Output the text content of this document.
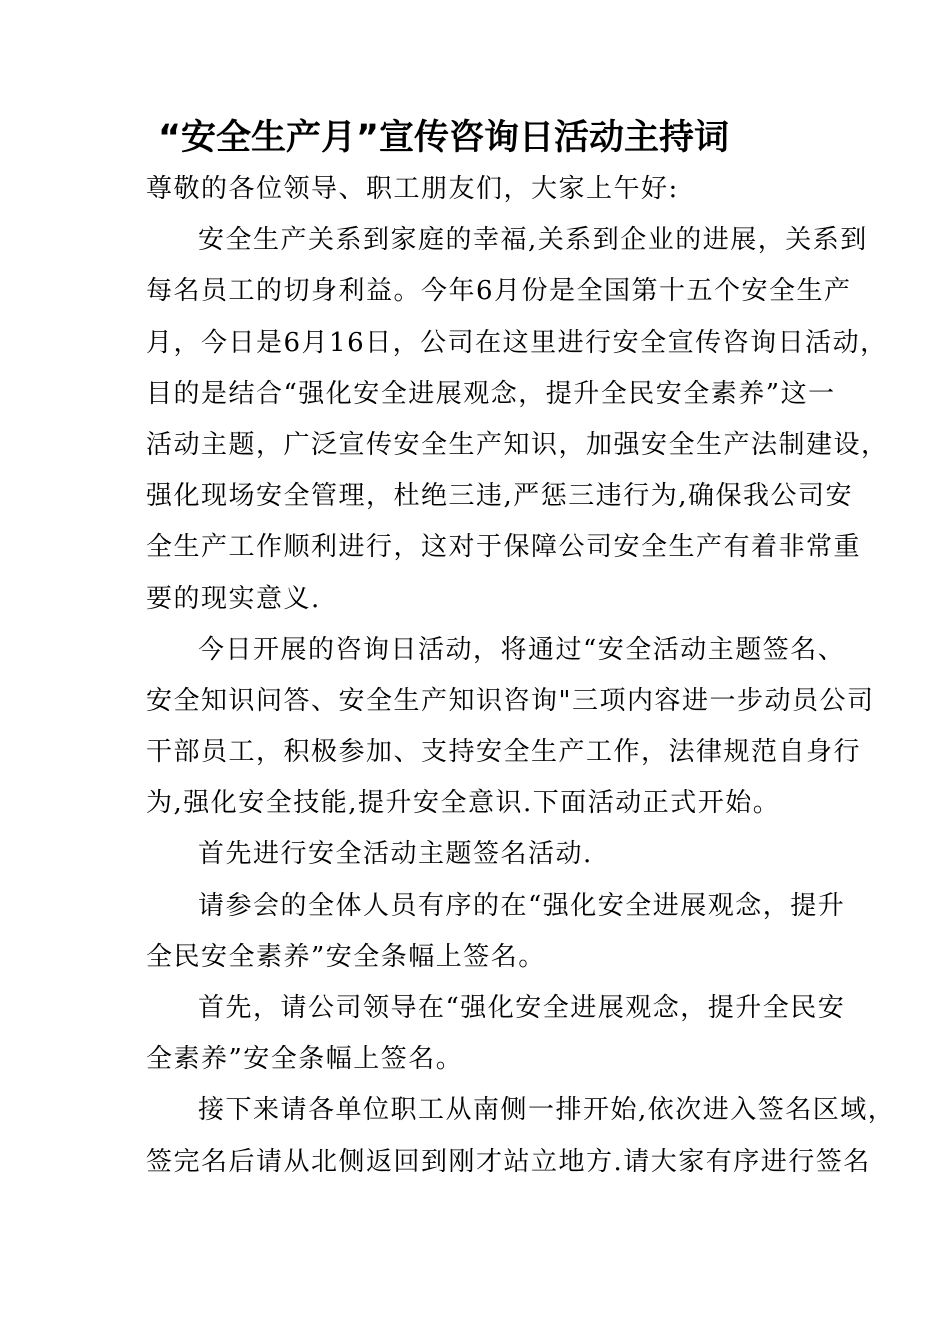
“安全生产月”宣传咨询日活动主持词
尊敬的各位领导、职工朋友们，大家上午好:
安全生产关系到家庭的幸福,关系到企业的进展，关系到
每名员工的切身利益。今年6月份是全国第十五个安全生产
月，今日是6月16日，公司在这里进行安全宣传咨询日活动，
目的是结合“强化安全进展观念，提升全民安全素养”这一
活动主题，广泛宣传安全生产知识，加强安全生产法制建设，
强化现场安全管理，杜绝三违,严惩三违行为,确保我公司安
全生产工作顺利进行，这对于保障公司安全生产有着非常重
要的现实意义.
今日开展的咨询日活动，将通过“安全活动主题签名、
安全知识问答、安全生产知识咨询"三项内容进一步动员公司
干部员工，积极参加、支持安全生产工作，法律规范自身行
为,强化安全技能,提升安全意识.下面活动正式开始。
首先进行安全活动主题签名活动.
请参会的全体人员有序的在“强化安全进展观念，提升
全民安全素养”安全条幅上签名。
首先，请公司领导在“强化安全进展观念，提升全民安
全素养”安全条幅上签名。
接下来请各单位职工从南侧一排开始,依次进入签名区域，
签完名后请从北侧返回到刚才站立地方.请大家有序进行签名
